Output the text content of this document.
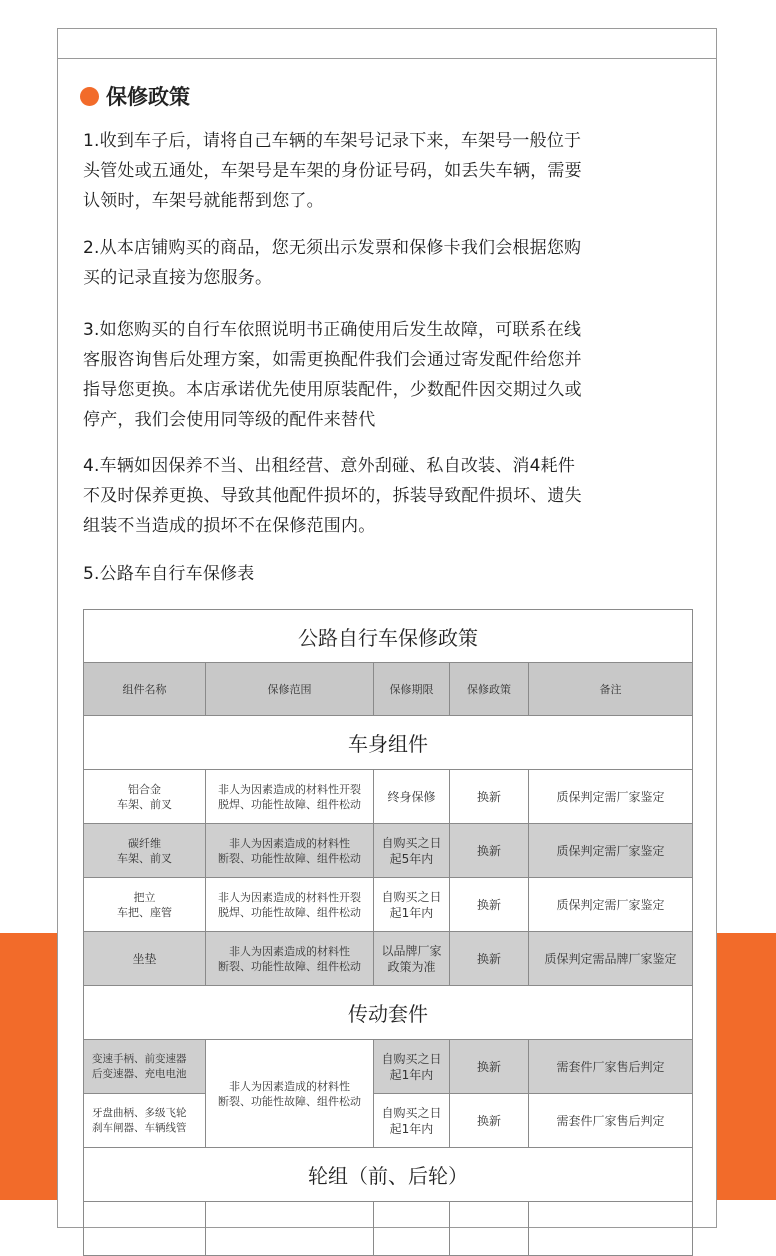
保修政策

1.收到车子后，请将自己车辆的车架号记录下来，车架号一般位于
头管处或五通处，车架号是车架的身份证号码，如丢失车辆，需要
认领时，车架号就能帮到您了。

2.从本店铺购买的商品，您无须出示发票和保修卡我们会根据您购
买的记录直接为您服务。

3.如您购买的自行车依照说明书正确使用后发生故障，可联系在线
客服咨询售后处理方案，如需更换配件我们会通过寄发配件给您并
指导您更换。本店承诺优先使用原装配件，少数配件因交期过久或
停产，我们会使用同等级的配件来替代

4.车辆如因保养不当、出租经营、意外刮碰、私自改装、消4耗件
不及时保养更换、导致其他配件损坏的，拆装导致配件损坏、遗失
组装不当造成的损坏不在保修范围内。

5.公路车自行车保修表

公路自行车保修政策				
组件名称	保修范围	保修期限	保修政策	备注
车身组件				

铝合金
车架、前叉	非人为因素造成的材料性开裂
脱焊、功能性故障、组件松动	终身保修	换新	质保判定需厂家鉴定

碳纤维
车架、前叉	非人为因素造成的材料性
断裂、功能性故障、组件松动	自购买之日
起5年内	换新	质保判定需厂家鉴定

把立
车把、座管	非人为因素造成的材料性开裂
脱焊、功能性故障、组件松动	自购买之日
起1年内	换新	质保判定需厂家鉴定

坐垫	非人为因素造成的材料性
断裂、功能性故障、组件松动	以品牌厂家
政策为准	换新	质保判定需品牌厂家鉴定
传动套件				

变速手柄、前变速器
后变速器、充电电池	非人为因素造成的材料性
断裂、功能性故障、组件松动	自购买之日
起1年内	换新	需套件厂家售后判定

牙盘曲柄、多级飞轮
刹车闸器、车辆线管		自购买之日
起1年内	换新	需套件厂家售后判定
轮组（前、后轮）				
